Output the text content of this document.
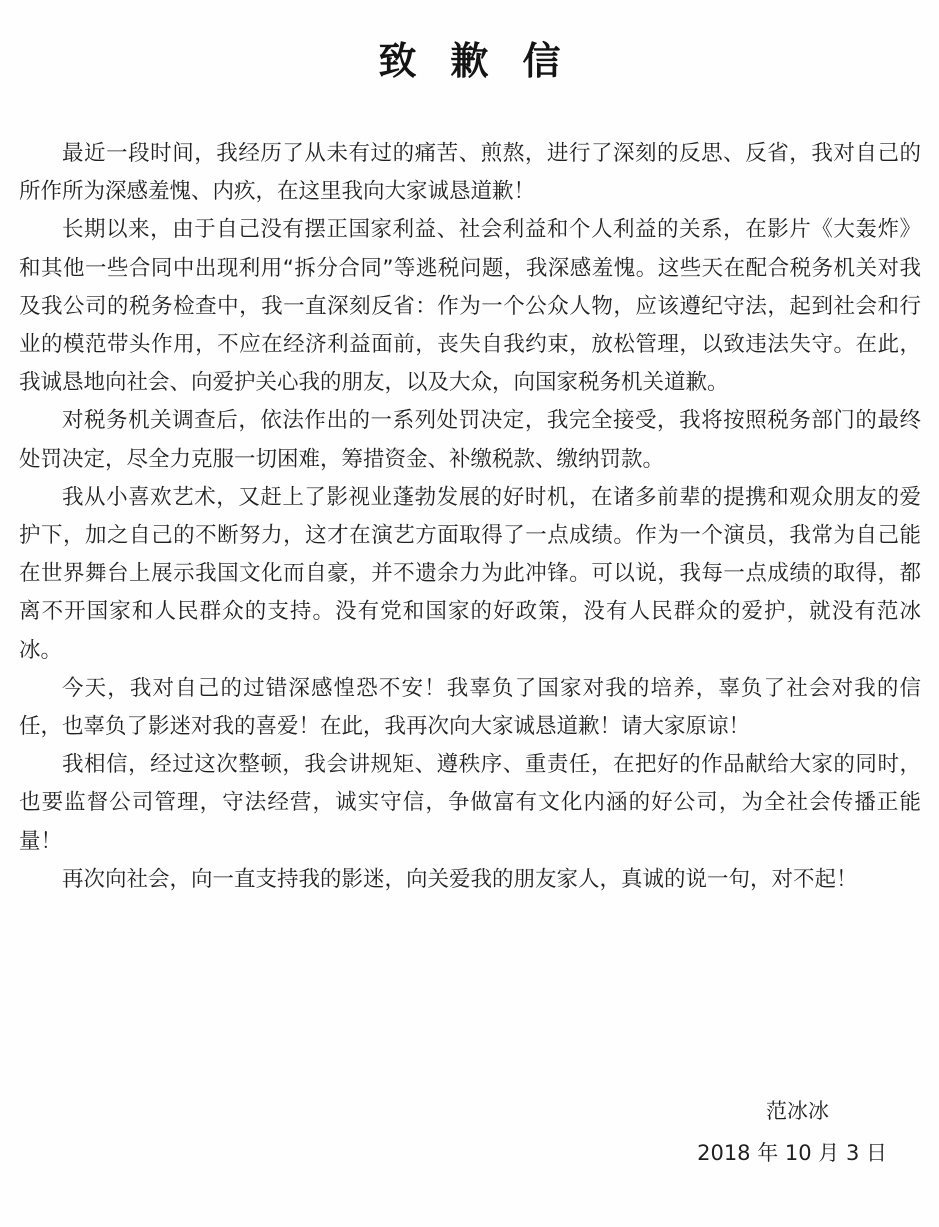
致歉信

最近一段时间，我经历了从未有过的痛苦、煎熬，进行了深刻的反思、反省，我对自己的所作所为深感羞愧、内疚，在这里我向大家诚恳道歉！

长期以来，由于自己没有摆正国家利益、社会利益和个人利益的关系，在影片《大轰炸》和其他一些合同中出现利用“拆分合同”等逃税问题，我深感羞愧。这些天在配合税务机关对我及我公司的税务检查中，我一直深刻反省：作为一个公众人物，应该遵纪守法，起到社会和行业的模范带头作用，不应在经济利益面前，丧失自我约束，放松管理，以致违法失守。在此，我诚恳地向社会、向爱护关心我的朋友，以及大众，向国家税务机关道歉。

对税务机关调查后，依法作出的一系列处罚决定，我完全接受，我将按照税务部门的最终处罚决定，尽全力克服一切困难，筹措资金、补缴税款、缴纳罚款。

我从小喜欢艺术，又赶上了影视业蓬勃发展的好时机，在诸多前辈的提携和观众朋友的爱护下，加之自己的不断努力，这才在演艺方面取得了一点成绩。作为一个演员，我常为自己能在世界舞台上展示我国文化而自豪，并不遗余力为此冲锋。可以说，我每一点成绩的取得，都离不开国家和人民群众的支持。没有党和国家的好政策，没有人民群众的爱护，就没有范冰冰。

今天，我对自己的过错深感惶恐不安！我辜负了国家对我的培养，辜负了社会对我的信任，也辜负了影迷对我的喜爱！在此，我再次向大家诚恳道歉！请大家原谅！

我相信，经过这次整顿，我会讲规矩、遵秩序、重责任，在把好的作品献给大家的同时，也要监督公司管理，守法经营，诚实守信，争做富有文化内涵的好公司，为全社会传播正能量！

再次向社会，向一直支持我的影迷，向关爱我的朋友家人，真诚的说一句，对不起！

范冰冰
2018 年 10 月 3 日
